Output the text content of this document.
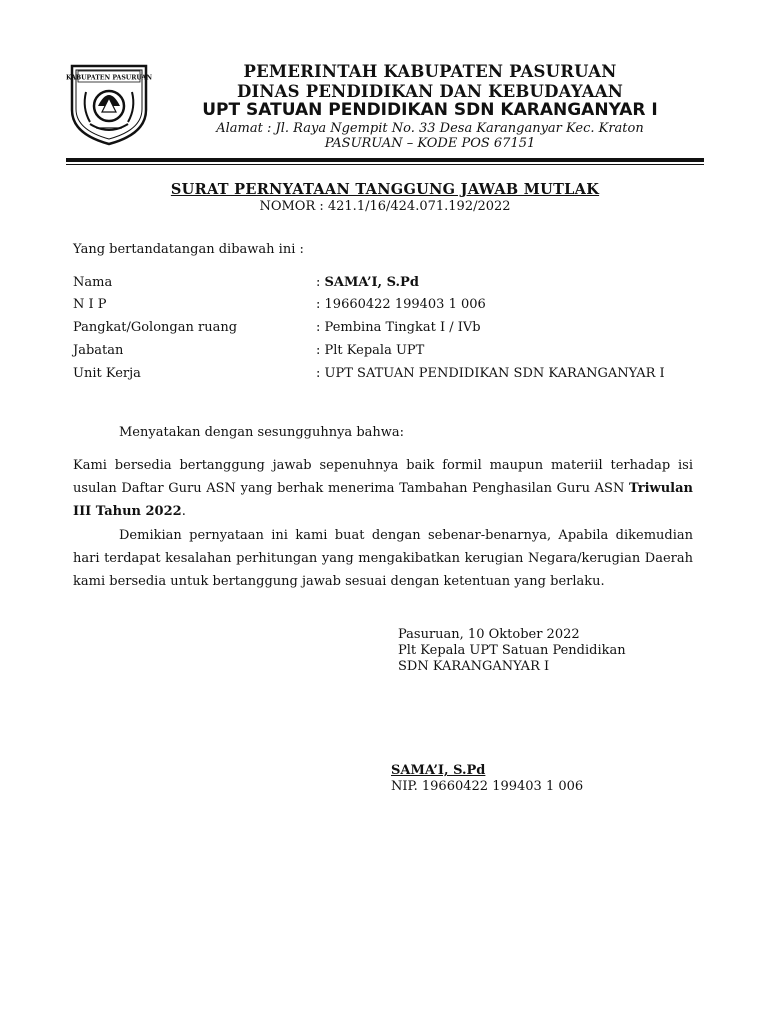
KABUPATEN PASURUAN	PEMERINTAH KABUPATEN PASURUAN
DINAS PENDIDIKAN DAN KEBUDAYAAN
UPT SATUAN PENDIDIKAN SDN KARANGANYAR I
Alamat : Jl. Raya Ngempit No. 33 Desa Karanganyar Kec. Kraton
PASURUAN – KODE POS 67151
SURAT PERNYATAAN TANGGUNG JAWAB MUTLAK
NOMOR : 421.1/16/424.071.192/2022
Yang bertandatangan dibawah ini :
Nama	: SAMA’I, S.Pd
N I P	: 19660422 199403 1 006
Pangkat/Golongan ruang	: Pembina Tingkat I / IVb
Jabatan	: Plt Kepala UPT
Unit Kerja	: UPT SATUAN PENDIDIKAN SDN KARANGANYAR I
Menyatakan dengan sesungguhnya bahwa:
Kami bersedia bertanggung jawab sepenuhnya baik formil maupun materiil terhadap isi usulan Daftar Guru ASN yang berhak menerima Tambahan Penghasilan Guru ASN Triwulan III Tahun 2022.
Demikian pernyataan ini kami buat dengan sebenar-benarnya, Apabila dikemudian hari terdapat kesalahan perhitungan yang mengakibatkan kerugian Negara/kerugian Daerah kami bersedia untuk bertanggung jawab sesuai dengan ketentuan yang berlaku.
Pasuruan, 10 Oktober 2022
Plt Kepala UPT Satuan Pendidikan
SDN KARANGANYAR I
SAMA’I, S.Pd
NIP. 19660422 199403 1 006
